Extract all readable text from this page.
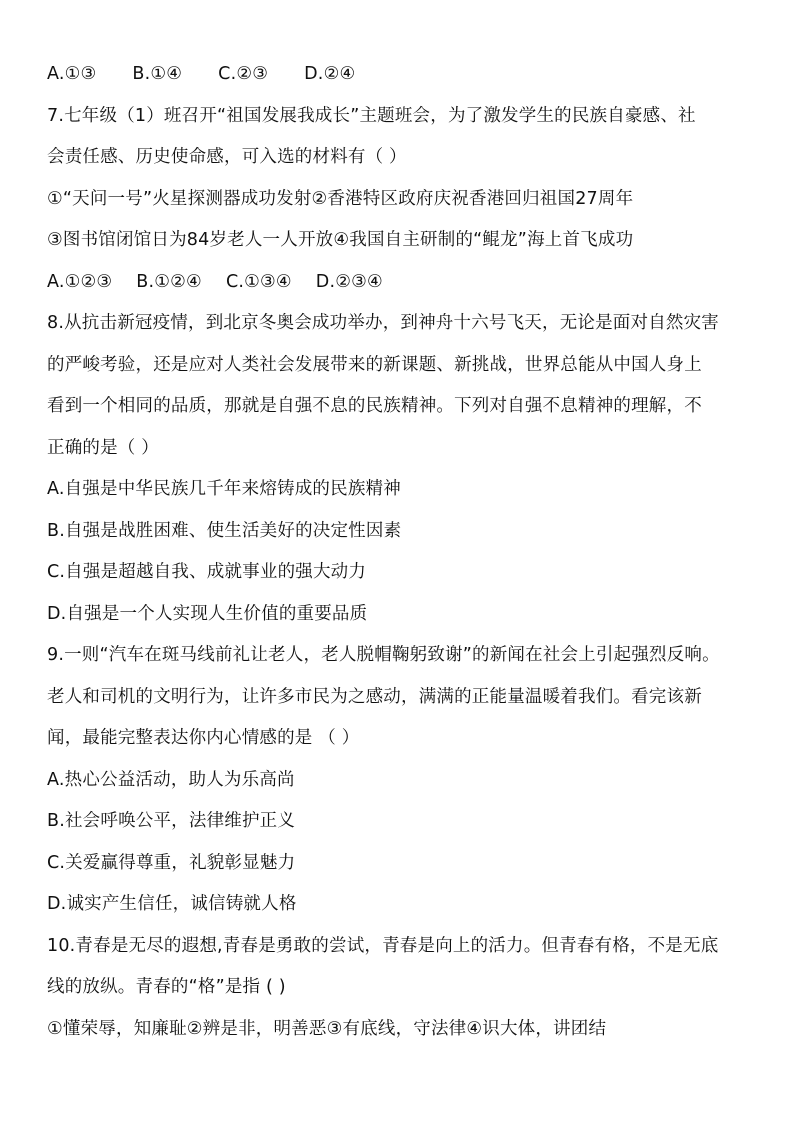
A.①③ B.①④ C.②③ D.②④
7.七年级（1）班召开“祖国发展我成长”主题班会，为了激发学生的民族自豪感、社
会责任感、历史使命感，可入选的材料有（ ）
①“天问一号”火星探测器成功发射②香港特区政府庆祝香港回归祖国27周年
③图书馆闭馆日为84岁老人一人开放④我国自主研制的“鲲龙”海上首飞成功
A.①②③ B.①②④ C.①③④ D.②③④
8.从抗击新冠疫情，到北京冬奥会成功举办，到神舟十六号飞天，无论是面对自然灾害
的严峻考验，还是应对人类社会发展带来的新课题、新挑战，世界总能从中国人身上
看到一个相同的品质，那就是自强不息的民族精神。下列对自强不息精神的理解，不
正确的是（ ）
A.自强是中华民族几千年来熔铸成的民族精神
B.自强是战胜困难、使生活美好的决定性因素
C.自强是超越自我、成就事业的强大动力
D.自强是一个人实现人生价值的重要品质
9.一则“汽车在斑马线前礼让老人，老人脱帽鞠躬致谢”的新闻在社会上引起强烈反响。
老人和司机的文明行为，让许多市民为之感动，满满的正能量温暖着我们。看完该新
闻，最能完整表达你内心情感的是 （ ）
A.热心公益活动，助人为乐高尚
B.社会呼唤公平，法律维护正义
C.关爱赢得尊重，礼貌彰显魅力
D.诚实产生信任，诚信铸就人格
10.青春是无尽的遐想,青春是勇敢的尝试，青春是向上的活力。但青春有格，不是无底
线的放纵。青春的“格”是指 ( )
①懂荣辱，知廉耻②辨是非，明善恶③有底线，守法律④识大体，讲团结
